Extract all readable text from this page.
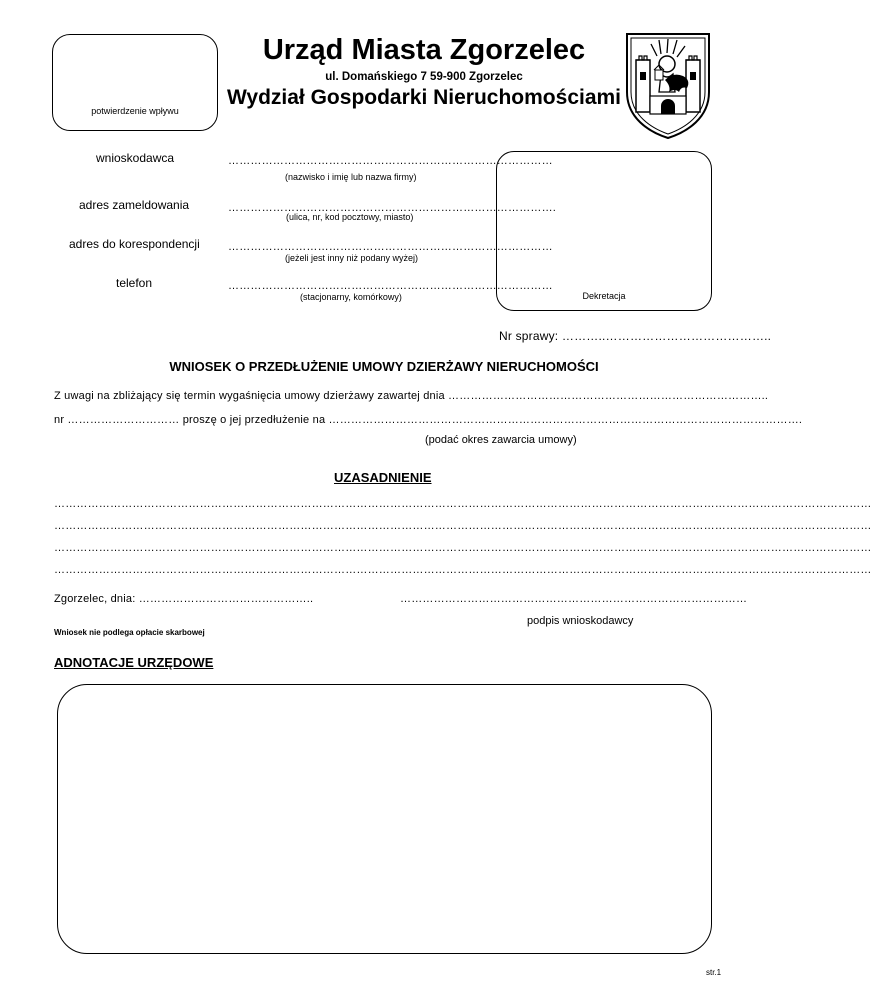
potwierdzenie wpływu
Urząd Miasta Zgorzelec
ul. Domańskiego 7 59-900 Zgorzelec
Wydział Gospodarki Nieruchomościami
wnioskodawca	……………………………………………………………………………
(nazwisko i imię lub nazwa firmy)
adres zameldowania	…………………………………………………………………………….
(ulica, nr, kod pocztowy, miasto)
adres do korespondencji	……………………………………………………………………………
(jeżeli jest inny niż podany wyżej)
telefon	……………………………………………………………………………
(stacjonarny, komórkowy)	Dekretacja
Nr sprawy: ………..…………………………………..
WNIOSEK O PRZEDŁUŻENIE UMOWY DZIERŻAWY NIERUCHOMOŚCI
Z uwagi na zbliżający się termin wygaśnięcia umowy dzierżawy zawartej dnia …………………………………………………………………………..
nr ………………………… proszę o jej przedłużenie na ……………………………………………………………………………………………………………….
(podać okres zawarcia umowy)
UZASADNIENIE
…………………………………………………………………………………………………………………………………………………………………………………………………
…………………………………………………………………………………………………………………………………………………………………………………………………
…………………………………………………………………………………………………………………………………………………………………………………………………
…………………………………………………………………………………………………………………………………………………………………………………………………
Zgorzelec, dnia: ………………………………………..	…………………………………………………………………………………
podpis wnioskodawcy
Wniosek nie podlega opłacie skarbowej
ADNOTACJE URZĘDOWE
str.1
